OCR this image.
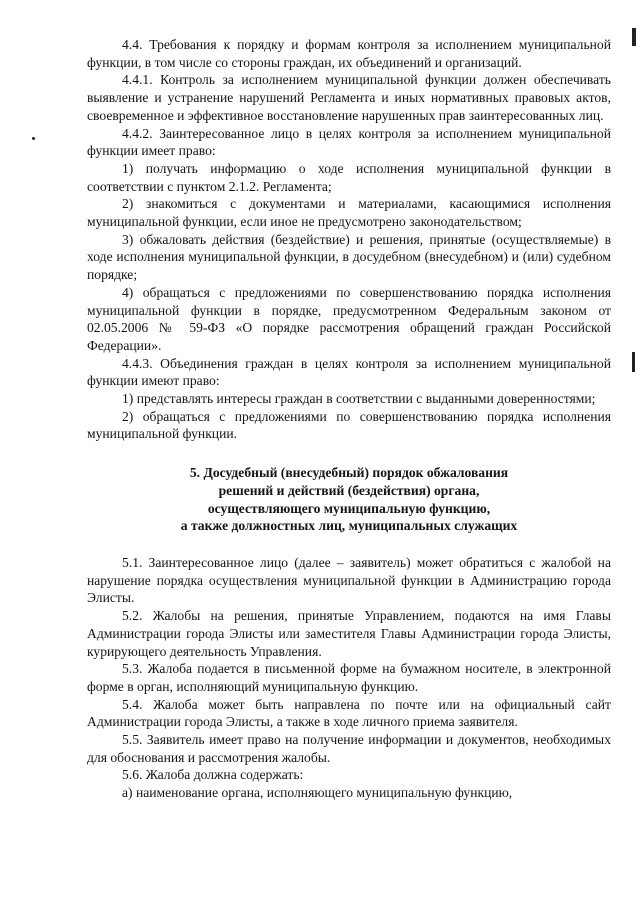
4.4. Требования к порядку и формам контроля за исполнением муниципальной функции, в том числе со стороны граждан, их объединений и организаций.

4.4.1. Контроль за исполнением муниципальной функции должен обеспечивать выявление и устранение нарушений Регламента и иных нормативных правовых актов, своевременное и эффективное восстановление нарушенных прав заинтересованных лиц.

4.4.2. Заинтересованное лицо в целях контроля за исполнением муниципальной функции имеет право:

1) получать информацию о ходе исполнения муниципальной функции в соответствии с пунктом 2.1.2. Регламента;

2) знакомиться с документами и материалами, касающимися исполнения муниципальной функции, если иное не предусмотрено законодательством;

3) обжаловать действия (бездействие) и решения, принятые (осуществляемые) в ходе исполнения муниципальной функции, в досудебном (внесудебном) и (или) судебном порядке;

4) обращаться с предложениями по совершенствованию порядка исполнения муниципальной функции в порядке, предусмотренном Федеральным законом от 02.05.2006 № 59-ФЗ «О порядке рассмотрения обращений граждан Российской Федерации».

4.4.3. Объединения граждан в целях контроля за исполнением муниципальной функции имеют право:

1) представлять интересы граждан в соответствии с выданными доверенностями;

2) обращаться с предложениями по совершенствованию порядка исполнения муниципальной функции.

5. Досудебный (внесудебный) порядок обжалования
решений и действий (бездействия) органа,
осуществляющего муниципальную функцию,
а также должностных лиц, муниципальных служащих

5.1. Заинтересованное лицо (далее – заявитель) может обратиться с жалобой на нарушение порядка осуществления муниципальной функции в Администрацию города Элисты.

5.2. Жалобы на решения, принятые Управлением, подаются на имя Главы Администрации города Элисты или заместителя Главы Администрации города Элисты, курирующего деятельность Управления.

5.3. Жалоба подается в письменной форме на бумажном носителе, в электронной форме в орган, исполняющий муниципальную функцию.

5.4. Жалоба может быть направлена по почте или на официальный сайт Администрации города Элисты, а также в ходе личного приема заявителя.

5.5. Заявитель имеет право на получение информации и документов, необходимых для обоснования и рассмотрения жалобы.

5.6. Жалоба должна содержать:

а) наименование органа, исполняющего муниципальную функцию,
